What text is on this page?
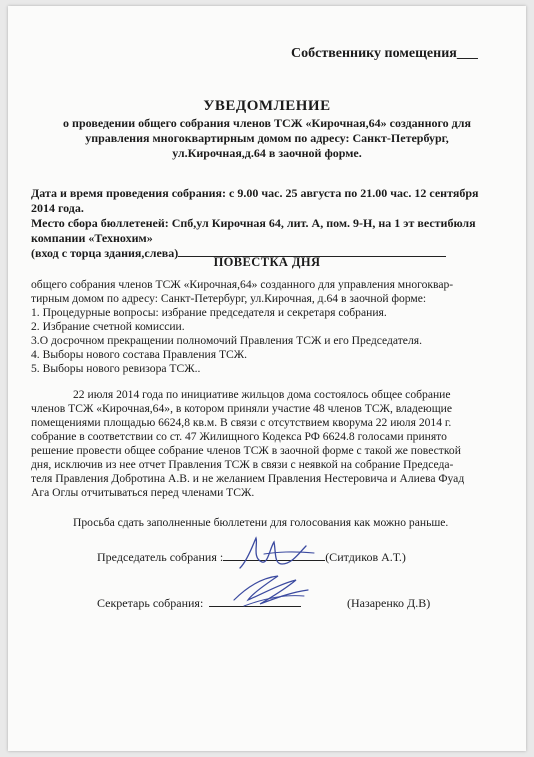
Собственнику помещения___
УВЕДОМЛЕНИЕ
о проведении общего собрания членов ТСЖ «Кирочная,64» созданного для
управления многоквартирным домом по адресу: Санкт-Петербург,
ул.Кирочная,д.64 в заочной форме.

Дата и время проведения собрания: с 9.00 час. 25 августа по 21.00 час. 12 сентября

2014 года.

Место сбора бюллетеней: Спб,ул Кирочная 64, лит. А, пом. 9-Н, на 1 эт вестибюля

компании «Технохим»

(вход с торца здания,слева)

ПОВЕСТКА ДНЯ

общего собрания членов ТСЖ «Кирочная,64» созданного для управления многоквар-

тирным домом по адресу: Санкт-Петербург, ул.Кирочная, д.64 в заочной форме:

1. Процедурные вопросы: избрание председателя и секретаря собрания.

2. Избрание счетной комиссии.

3.О досрочном прекращении полномочий Правления ТСЖ и его Председателя.

4. Выборы нового состава Правления ТСЖ.

5. Выборы нового ревизора ТСЖ..

22 июля 2014 года по инициативе жильцов дома состоялось общее собрание

членов ТСЖ «Кирочная,64», в котором приняли участие 48 членов ТСЖ, владеющие

помещениями площадью 6624,8 кв.м. В связи с отсутствием кворума 22 июля 2014 г.

собрание в соответствии со ст. 47 Жилищного Кодекса РФ 6624.8 голосами принято

решение провести общее собрание членов ТСЖ в заочной форме с такой же повесткой

дня, исключив из нее отчет Правления ТСЖ в связи с неявкой на собрание Председа-

теля Правления Добротина А.В. и не желанием Правления Нестеровича и Алиева Фуад

Ага Оглы отчитываться перед членами ТСЖ.

Просьба сдать заполненные бюллетени для голосования как можно раньше.

Председатель собрания :	(Ситдиков А.Т.)
Секретарь собрания:	(Назаренко Д.В)
